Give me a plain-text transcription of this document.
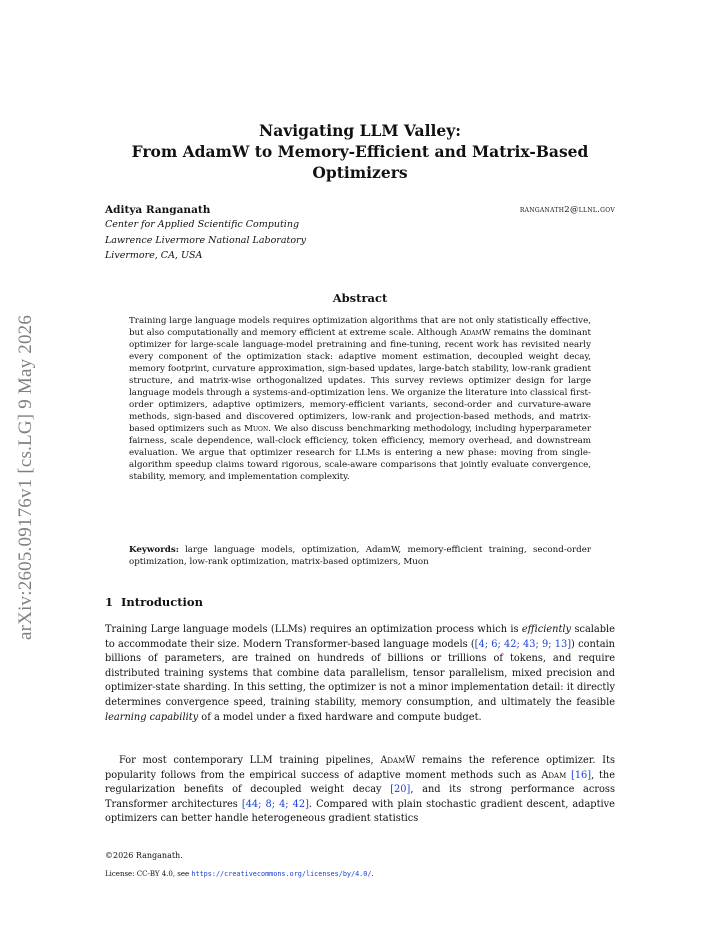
arXiv:2605.09176v1 [cs.LG] 9 May 2026
Navigating LLM Valley:
From AdamW to Memory-Efficient and Matrix-Based
Optimizers
Aditya Ranganath	ranganath2@llnl.gov
Center for Applied Scientific Computing
Lawrence Livermore National Laboratory
Livermore, CA, USA
Abstract
Training large language models requires optimization algorithms that are not only statistically effective, but also computationally and memory efficient at extreme scale. Although AdamW remains the dominant optimizer for large-scale language-model pretraining and fine-tuning, recent work has revisited nearly every component of the optimization stack: adaptive moment estimation, decoupled weight decay, memory footprint, curvature approximation, sign-based updates, large-batch stability, low-rank gradient structure, and matrix-wise orthogonalized updates. This survey reviews optimizer design for large language models through a systems-and-optimization lens. We organize the literature into classical first-order optimizers, adaptive optimizers, memory-efficient variants, second-order and curvature-aware methods, sign-based and discovered optimizers, low-rank and projection-based methods, and matrix-based optimizers such as Muon. We also discuss benchmarking methodology, including hyperparameter fairness, scale dependence, wall-clock efficiency, token efficiency, memory overhead, and downstream evaluation. We argue that optimizer research for LLMs is entering a new phase: moving from single-algorithm speedup claims toward rigorous, scale-aware comparisons that jointly evaluate convergence, stability, memory, and implementation complexity.
Keywords: large language models, optimization, AdamW, memory-efficient training, second-order optimization, low-rank optimization, matrix-based optimizers, Muon
1 Introduction
Training Large language models (LLMs) requires an optimization process which is efficiently scalable to accommodate their size. Modern Transformer-based language models ([4; 6; 42; 43; 9; 13]) contain billions of parameters, are trained on hundreds of billions or trillions of tokens, and require distributed training systems that combine data parallelism, tensor parallelism, mixed precision and optimizer-state sharding. In this setting, the optimizer is not a minor implementation detail: it directly determines convergence speed, training stability, memory consumption, and ultimately the feasible learning capability of a model under a fixed hardware and compute budget.
For most contemporary LLM training pipelines, AdamW remains the reference optimizer. Its popularity follows from the empirical success of adaptive moment methods such as Adam [16], the regularization benefits of decoupled weight decay [20], and its strong performance across Transformer architectures [44; 8; 4; 42]. Compared with plain stochastic gradient descent, adaptive optimizers can better handle heterogeneous gradient statistics
©2026 Ranganath.
License: CC-BY 4.0, see https://creativecommons.org/licenses/by/4.0/.
